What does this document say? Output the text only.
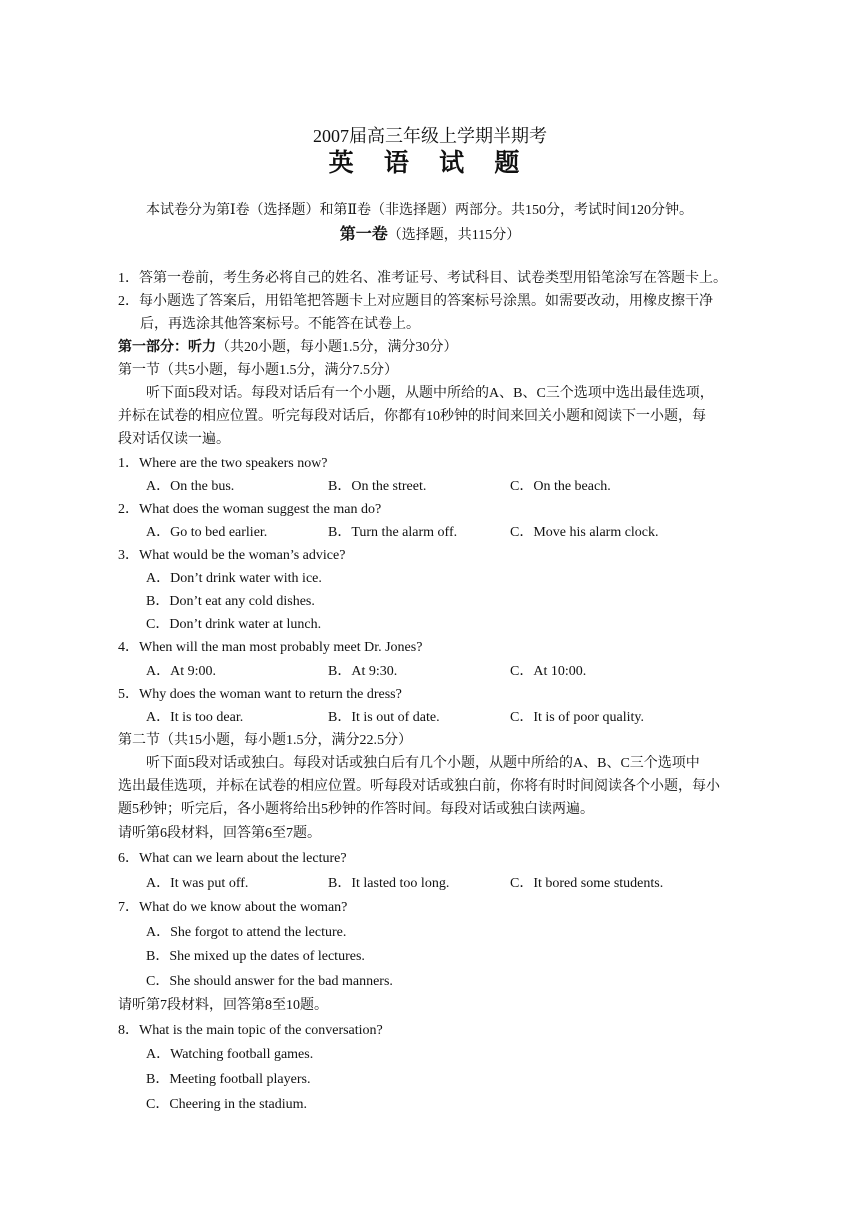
2007届高三年级上学期半期考
英 语 试 题
本试卷分为第Ⅰ卷（选择题）和第Ⅱ卷（非选择题）两部分。共150分，考试时间120分钟。
第一卷（选择题，共115分）
1．答第一卷前，考生务必将自己的姓名、准考证号、考试科目、试卷类型用铅笔涂写在答题卡上。
2．每小题选了答案后，用铅笔把答题卡上对应题目的答案标号涂黑。如需要改动，用橡皮擦干净
后，再选涂其他答案标号。不能答在试卷上。
第一部分：听力（共20小题，每小题1.5分，满分30分）
第一节（共5小题，每小题1.5分，满分7.5分）
听下面5段对话。每段对话后有一个小题，从题中所给的A、B、C三个选项中选出最佳选项，
并标在试卷的相应位置。听完每段对话后，你都有10秒钟的时间来回关小题和阅读下一小题，每
段对话仅读一遍。
1．Where are the two speakers now?
A．On the bus.	B．On the street.	C．On the beach.
2．What does the woman suggest the man do?
A．Go to bed earlier.	B．Turn the alarm off.	C．Move his alarm clock.
3．What would be the woman’s advice?
A．Don’t drink water with ice.
B．Don’t eat any cold dishes.
C．Don’t drink water at lunch.
4．When will the man most probably meet Dr. Jones?
A．At 9:00.	B．At 9:30.	C．At 10:00.
5．Why does the woman want to return the dress?
A．It is too dear.	B．It is out of date.	C．It is of poor quality.
第二节（共15小题，每小题1.5分，满分22.5分）
听下面5段对话或独白。每段对话或独白后有几个小题，从题中所给的A、B、C三个选项中
选出最佳选项，并标在试卷的相应位置。听每段对话或独白前，你将有时时间阅读各个小题，每小
题5秒钟；听完后，各小题将给出5秒钟的作答时间。每段对话或独白读两遍。
请听第6段材料，回答第6至7题。
6．What can we learn about the lecture?
A．It was put off.	B．It lasted too long.	C．It bored some students.
7．What do we know about the woman?
A．She forgot to attend the lecture.
B．She mixed up the dates of lectures.
C．She should answer for the bad manners.
请听第7段材料，回答第8至10题。
8．What is the main topic of the conversation?
A．Watching football games.
B．Meeting football players.
C．Cheering in the stadium.
